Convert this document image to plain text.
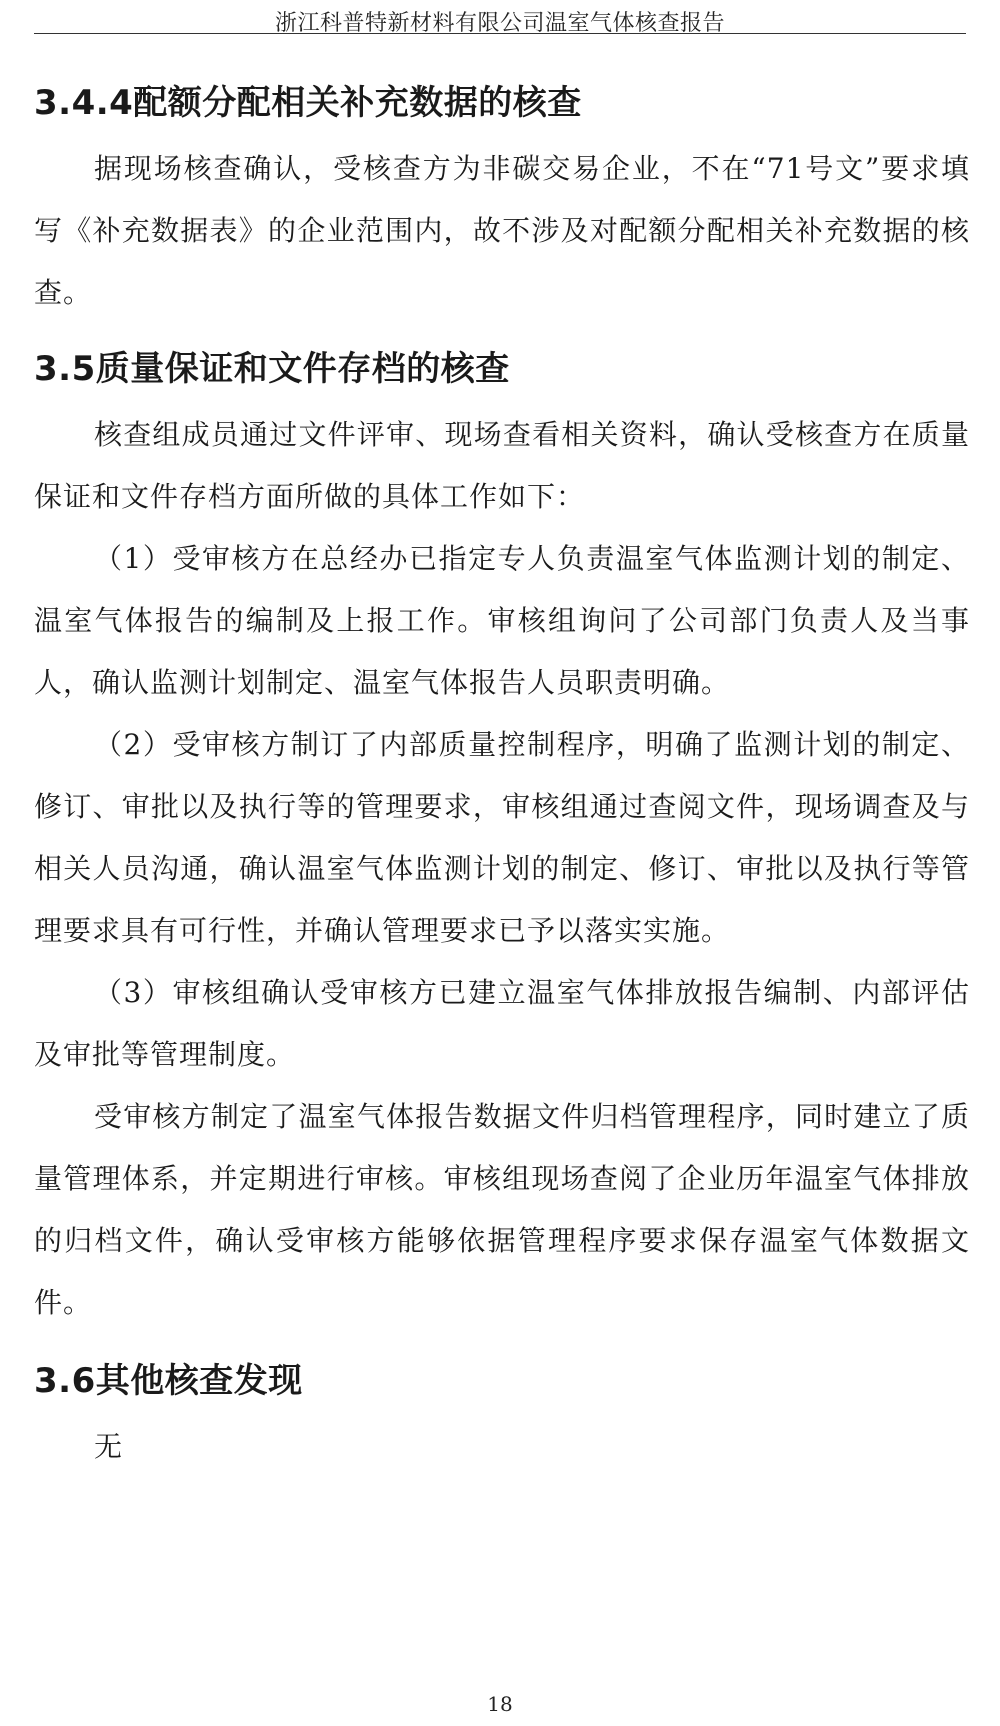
浙江科普特新材料有限公司温室气体核查报告
3.4.4配额分配相关补充数据的核查

据现场核查确认，受核查方为非碳交易企业，不在“71号文”要求填写《补充数据表》的企业范围内，故不涉及对配额分配相关补充数据的核查。

3.5质量保证和文件存档的核查

核查组成员通过文件评审、现场查看相关资料，确认受核查方在质量保证和文件存档方面所做的具体工作如下：

（1）受审核方在总经办已指定专人负责温室气体监测计划的制定、温室气体报告的编制及上报工作。审核组询问了公司部门负责人及当事人，确认监测计划制定、温室气体报告人员职责明确。

（2）受审核方制订了内部质量控制程序，明确了监测计划的制定、修订、审批以及执行等的管理要求，审核组通过查阅文件，现场调查及与相关人员沟通，确认温室气体监测计划的制定、修订、审批以及执行等管理要求具有可行性，并确认管理要求已予以落实实施。

（3）审核组确认受审核方已建立温室气体排放报告编制、内部评估及审批等管理制度。

受审核方制定了温室气体报告数据文件归档管理程序，同时建立了质量管理体系，并定期进行审核。审核组现场查阅了企业历年温室气体排放的归档文件，确认受审核方能够依据管理程序要求保存温室气体数据文件。

3.6其他核查发现

无

18
